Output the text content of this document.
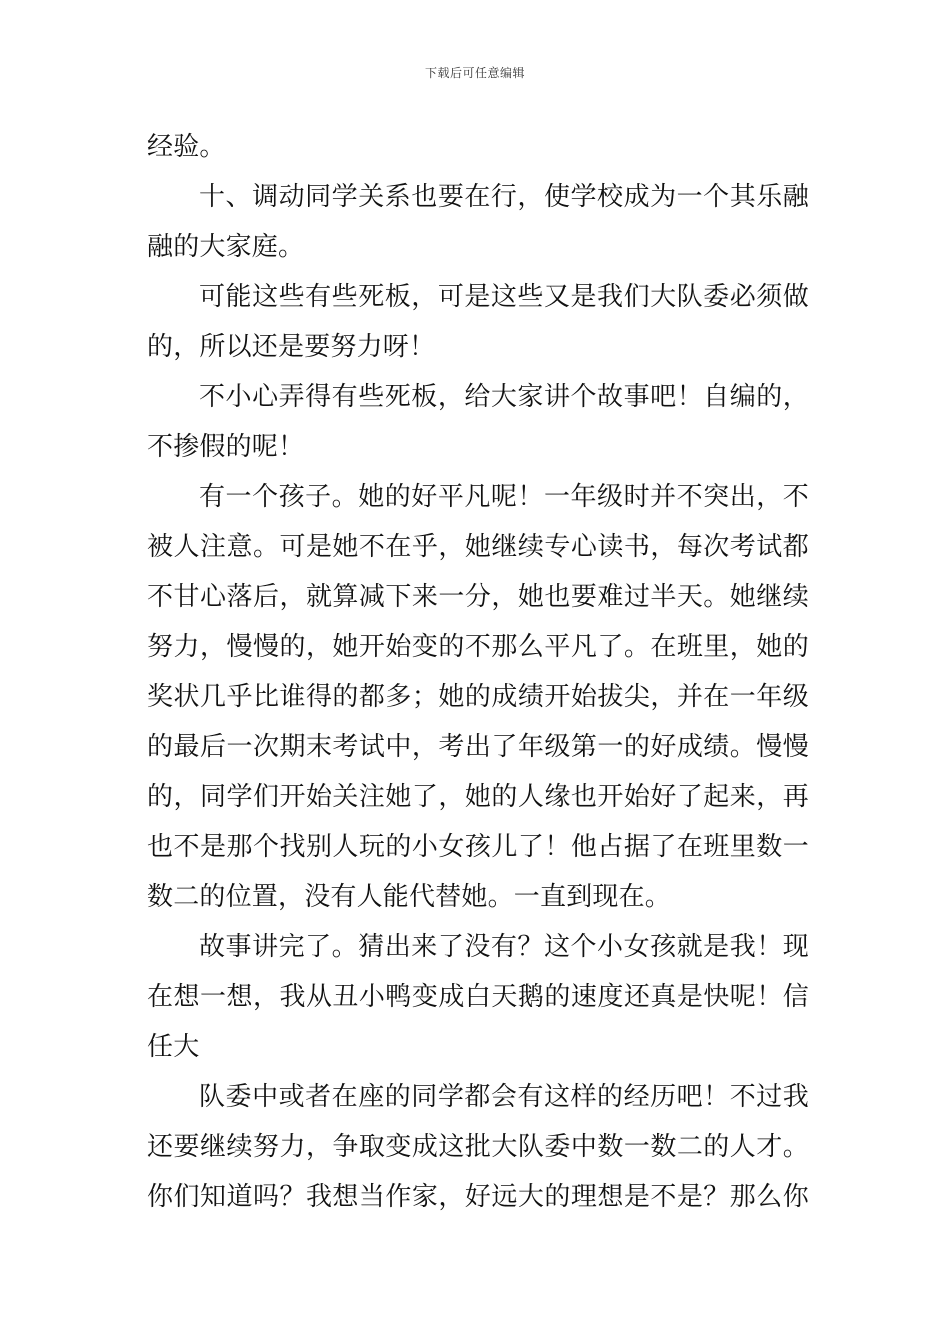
下载后可任意编辑
经验。
十、调动同学关系也要在行，使学校成为一个其乐融
融的大家庭。
可能这些有些死板，可是这些又是我们大队委必须做
的，所以还是要努力呀！
不小心弄得有些死板，给大家讲个故事吧！自编的，
不掺假的呢！
有一个孩子。她的好平凡呢！一年级时并不突出，不
被人注意。可是她不在乎，她继续专心读书，每次考试都
不甘心落后，就算减下来一分，她也要难过半天。她继续
努力，慢慢的，她开始变的不那么平凡了。在班里，她的
奖状几乎比谁得的都多；她的成绩开始拔尖，并在一年级
的最后一次期末考试中，考出了年级第一的好成绩。慢慢
的，同学们开始关注她了，她的人缘也开始好了起来，再
也不是那个找别人玩的小女孩儿了！他占据了在班里数一
数二的位置，没有人能代替她。一直到现在。
故事讲完了。猜出来了没有？这个小女孩就是我！现
在想一想，我从丑小鸭变成白天鹅的速度还真是快呢！信
任大
队委中或者在座的同学都会有这样的经历吧！不过我
还要继续努力，争取变成这批大队委中数一数二的人才。
你们知道吗？我想当作家，好远大的理想是不是？那么你
